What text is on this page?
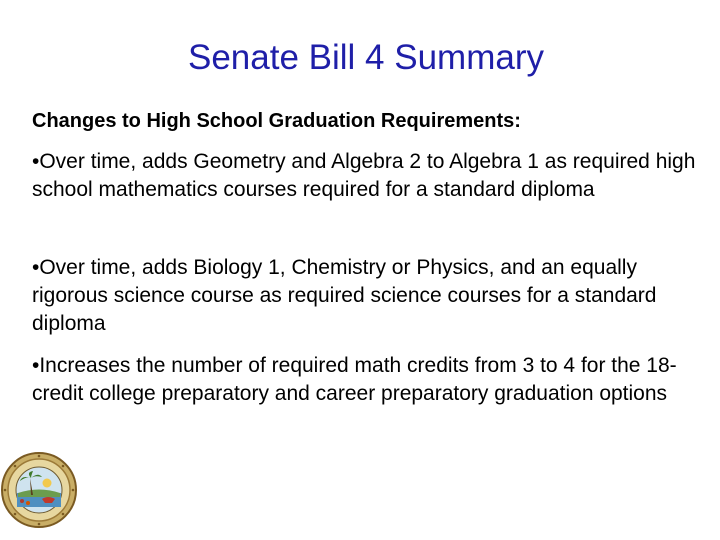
Senate Bill 4 Summary
Changes to High School Graduation Requirements:
•Over time, adds Geometry and Algebra 2 to Algebra 1 as required high school mathematics courses required for a standard diploma
•Over time, adds Biology 1, Chemistry or Physics, and an equally rigorous science course as required science courses for a standard diploma
•Increases the number of required math credits from 3 to 4 for the 18-credit college preparatory and career preparatory graduation options
